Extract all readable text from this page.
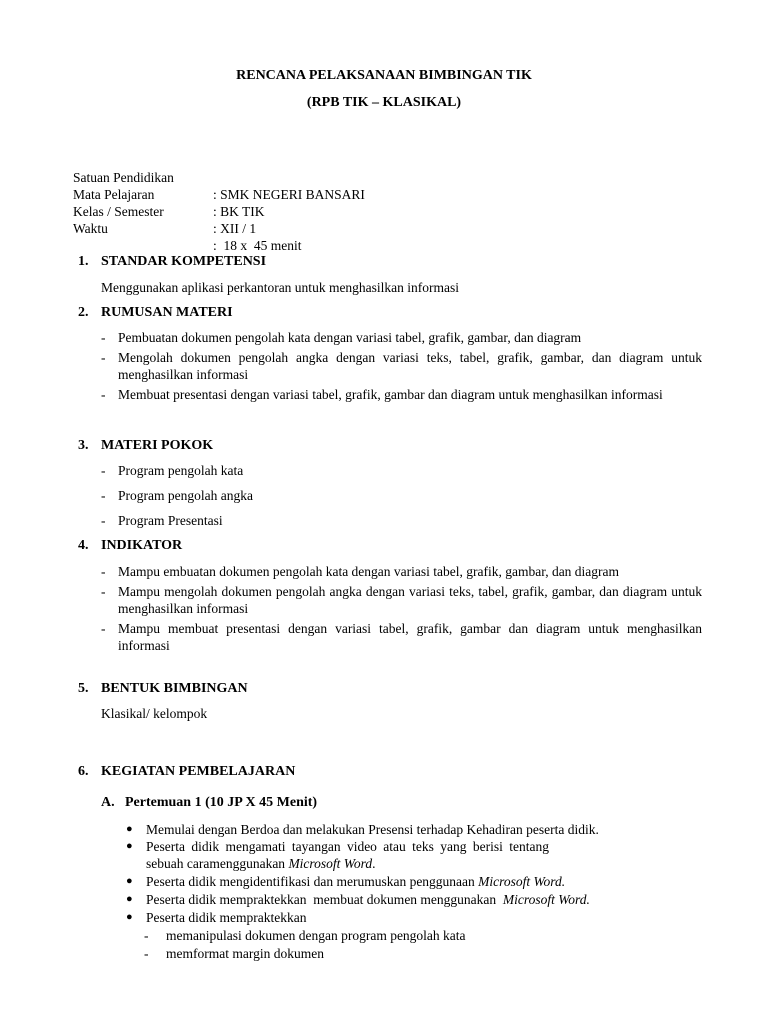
RENCANA PELAKSANAAN BIMBINGAN TIK
(RPB TIK – KLASIKAL)

Satuan Pendidikan

: SMK NEGERI BANSARI

Mata Pelajaran

: BK TIK

Kelas / Semester

: XII / 1

Waktu

:  18 x  45 menit

1. STANDAR KOMPETENSI
Menggunakan aplikasi perkantoran untuk menghasilkan informasi
2. RUMUSAN MATERI
- Pembuatan dokumen pengolah kata dengan variasi tabel, grafik, gambar, dan diagram
- Mengolah dokumen pengolah angka dengan variasi teks, tabel, grafik, gambar, dan diagram untuk menghasilkan informasi
- Membuat presentasi dengan variasi tabel, grafik, gambar dan diagram untuk menghasilkan informasi
3. MATERI POKOK
- Program pengolah kata
- Program pengolah angka
- Program Presentasi
4. INDIKATOR
- Mampu embuatan dokumen pengolah kata dengan variasi tabel, grafik, gambar, dan diagram
- Mampu mengolah dokumen pengolah angka dengan variasi teks, tabel, grafik, gambar, dan diagram untuk menghasilkan informasi
- Mampu membuat presentasi dengan variasi tabel, grafik, gambar dan diagram untuk menghasilkan informasi
5. BENTUK BIMBINGAN
Klasikal/ kelompok
6. KEGIATAN PEMBELAJARAN
A. Pertemuan 1 (10 JP X 45 Menit)
● Memulai dengan Berdoa dan melakukan Presensi terhadap Kehadiran peserta didik.
● Peserta didik mengamati tayangan video atau teks yang berisi tentang
sebuah caramenggunakan Microsoft Word.
● Peserta didik mengidentifikasi dan merumuskan penggunaan Microsoft Word.
● Peserta didik mempraktekkan  membuat dokumen menggunakan  Microsoft Word.
● Peserta didik mempraktekkan
- memanipulasi dokumen dengan program pengolah kata
- memformat margin dokumen
